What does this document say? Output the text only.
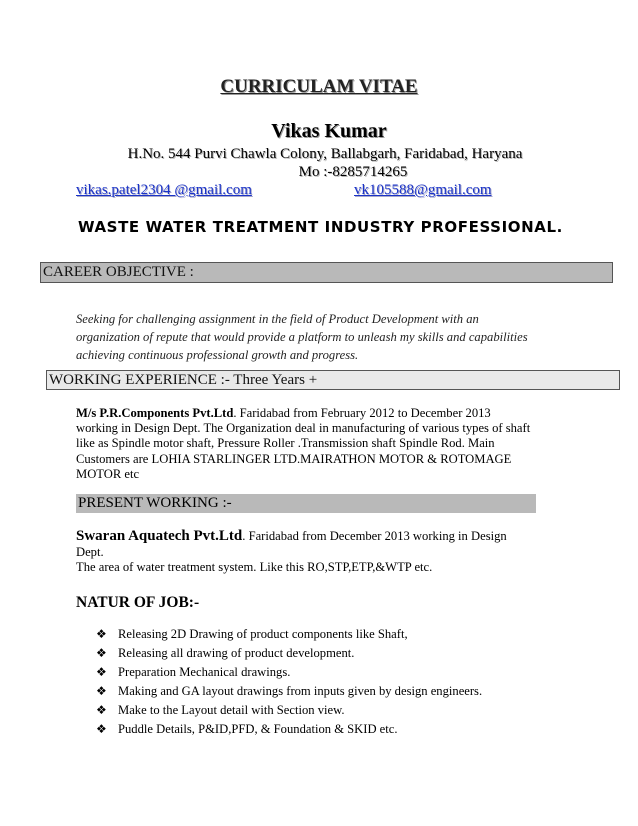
CURRICULAM VITAE
Vikas Kumar
H.No. 544 Purvi Chawla Colony, Ballabgarh, Faridabad, Haryana
Mo :-8285714265
vikas.patel2304 @gmail.com	vk105588@gmail.com
WASTE WATER TREATMENT INDUSTRY PROFESSIONAL.
CAREER OBJECTIVE :
Seeking for challenging assignment in the field of Product Development with an
organization of repute that would provide a platform to unleash my skills and capabilities
achieving continuous professional growth and progress.
WORKING EXPERIENCE :- Three Years +
M/s P.R.Components Pvt.Ltd. Faridabad from February 2012 to December 2013
working in Design Dept. The Organization deal in manufacturing of various types of shaft
like as Spindle motor shaft, Pressure Roller .Transmission shaft Spindle Rod. Main
Customers are LOHIA STARLINGER LTD.MAIRATHON MOTOR & ROTOMAGE
MOTOR etc
PRESENT WORKING :-
Swaran Aquatech Pvt.Ltd. Faridabad from December 2013 working in Design
Dept.
The area of water treatment system. Like this RO,STP,ETP,&WTP etc.
NATUR OF JOB:-
❖ Releasing 2D Drawing of product components like Shaft,
❖ Releasing all drawing of product development.
❖ Preparation Mechanical drawings.
❖ Making and GA layout drawings from inputs given by design engineers.
❖ Make to the Layout detail with Section view.
❖ Puddle Details, P&ID,PFD, & Foundation & SKID etc.
